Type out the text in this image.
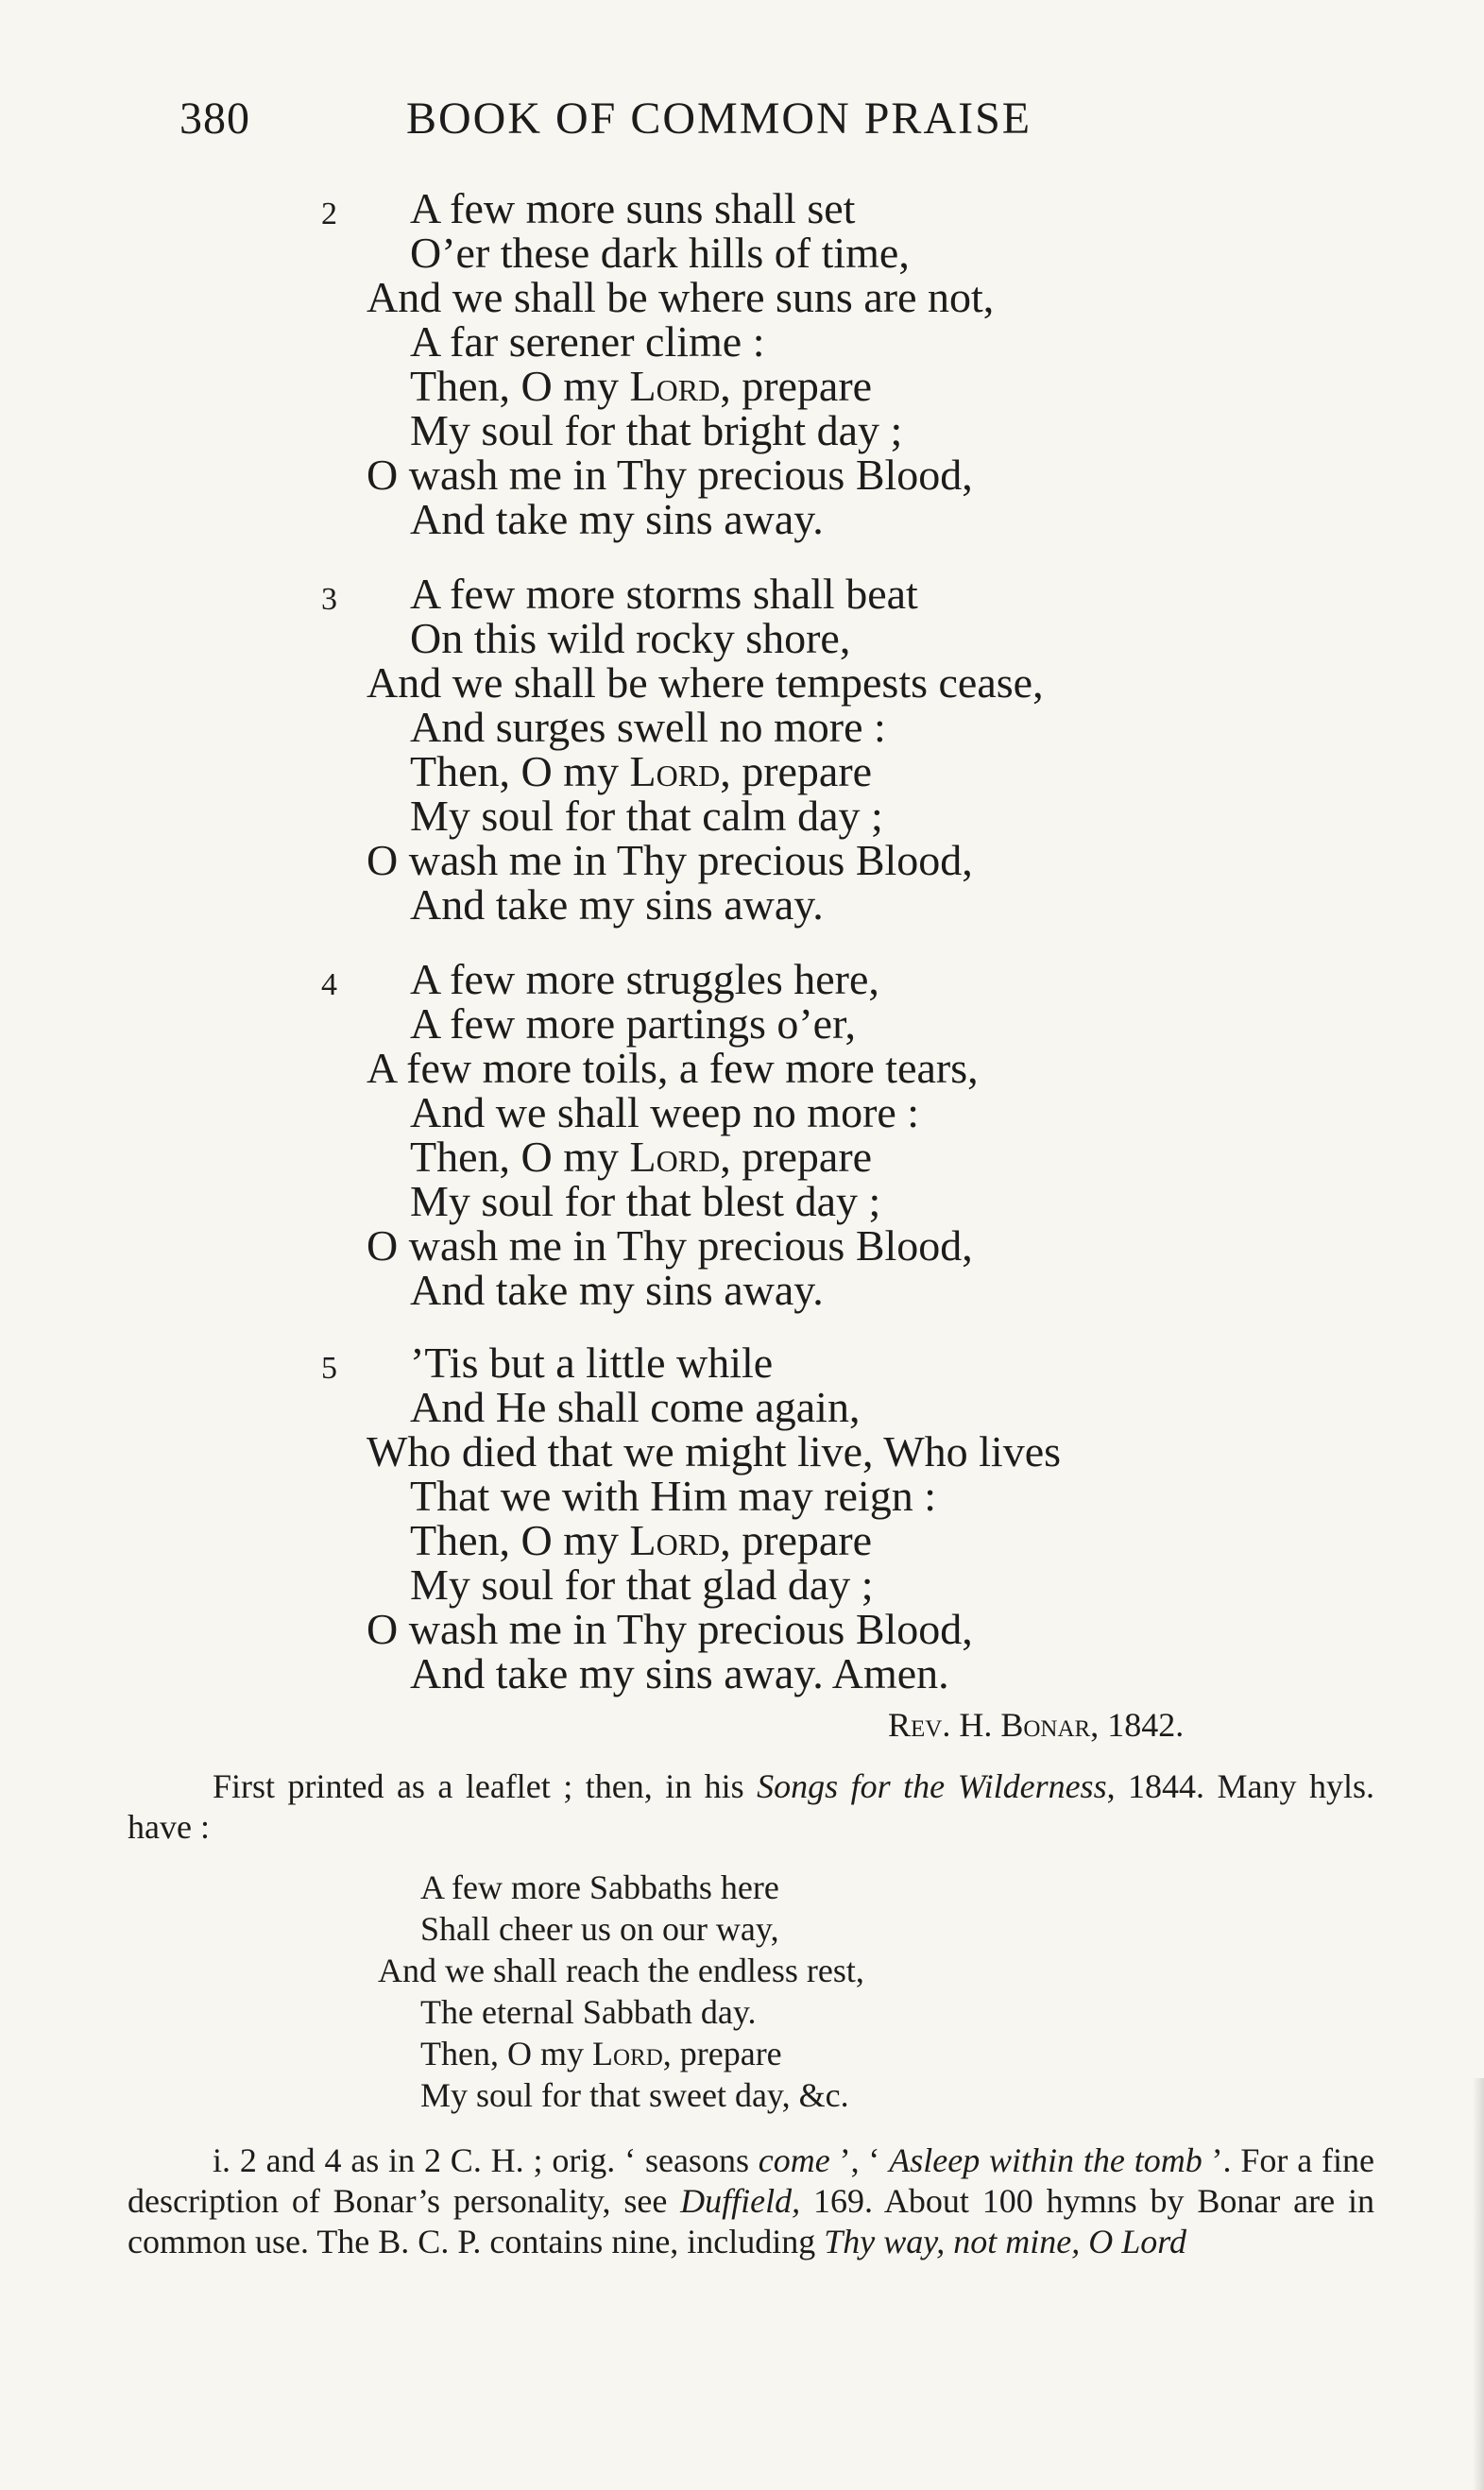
380	BOOK OF COMMON PRAISE
2 A few more suns shall set
O’er these dark hills of time,
And we shall be where suns are not,
A far serener clime :
Then, O my Lord, prepare
My soul for that bright day ;
O wash me in Thy precious Blood,
And take my sins away.
3 A few more storms shall beat
On this wild rocky shore,
And we shall be where tempests cease,
And surges swell no more :
Then, O my Lord, prepare
My soul for that calm day ;
O wash me in Thy precious Blood,
And take my sins away.
4 A few more struggles here,
A few more partings o’er,
A few more toils, a few more tears,
And we shall weep no more :
Then, O my Lord, prepare
My soul for that blest day ;
O wash me in Thy precious Blood,
And take my sins away.
5 ’Tis but a little while
And He shall come again,
Who died that we might live, Who lives
That we with Him may reign :
Then, O my Lord, prepare
My soul for that glad day ;
O wash me in Thy precious Blood,
And take my sins away. Amen.
Rev. H. Bonar, 1842.
First printed as a leaflet ; then, in his Songs for the Wilderness, 1844. Many hyls. have :
A few more Sabbaths here
Shall cheer us on our way,
And we shall reach the endless rest,
The eternal Sabbath day.
Then, O my Lord, prepare
My soul for that sweet day, &c.
i. 2 and 4 as in 2 C. H. ; orig. ‘ seasons come ’, ‘ Asleep within the tomb ’. For a fine description of Bonar’s personality, see Duffield, 169. About 100 hymns by Bonar are in common use. The B. C. P. contains nine, including Thy way, not mine, O Lord
